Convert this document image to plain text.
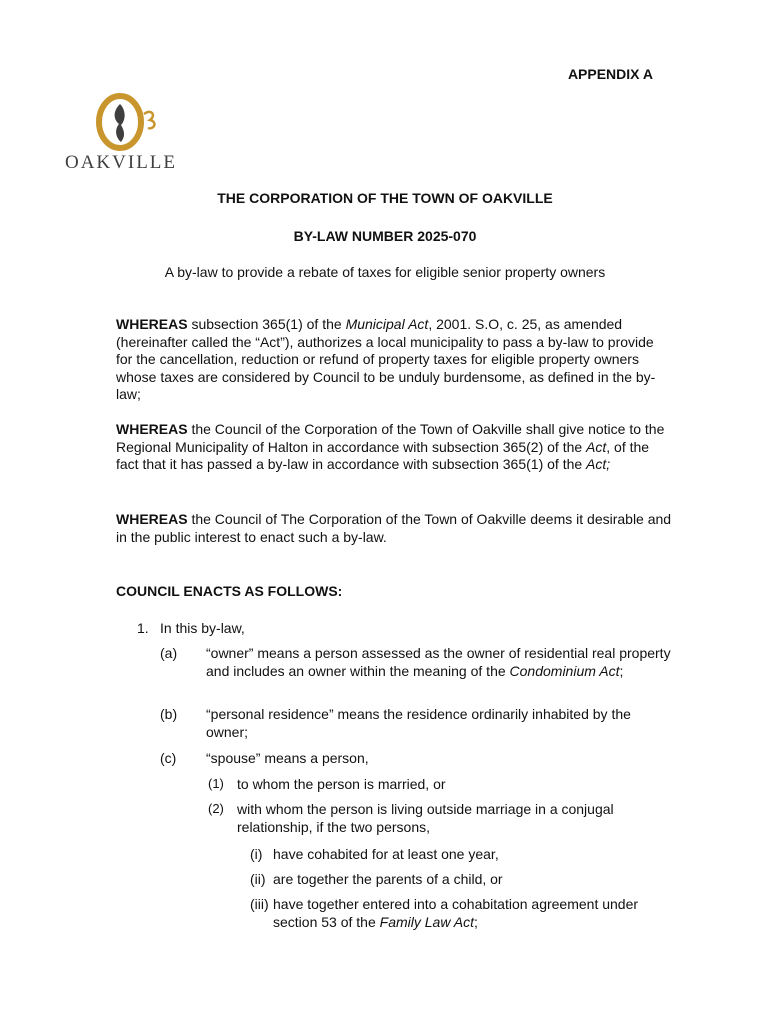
APPENDIX A
OAKVILLE
THE CORPORATION OF THE TOWN OF OAKVILLE
BY-LAW NUMBER 2025-070
A by-law to provide a rebate of taxes for eligible senior property owners
WHEREAS subsection 365(1) of the Municipal Act, 2001. S.O, c. 25, as amended (hereinafter called the “Act”), authorizes a local municipality to pass a by-law to provide for the cancellation, reduction or refund of property taxes for eligible property owners whose taxes are considered by Council to be unduly burdensome, as defined in the by-law;
WHEREAS the Council of the Corporation of the Town of Oakville shall give notice to the Regional Municipality of Halton in accordance with subsection 365(2) of the Act, of the fact that it has passed a by-law in accordance with subsection 365(1) of the Act;
WHEREAS the Council of The Corporation of the Town of Oakville deems it desirable and in the public interest to enact such a by-law.
COUNCIL ENACTS AS FOLLOWS:
1. In this by-law,
(a) “owner” means a person assessed as the owner of residential real property and includes an owner within the meaning of the Condominium Act;
(b) “personal residence” means the residence ordinarily inhabited by the owner;
(c) “spouse” means a person,
(1) to whom the person is married, or
(2) with whom the person is living outside marriage in a conjugal relationship, if the two persons,
(i) have cohabited for at least one year,
(ii) are together the parents of a child, or
(iii) have together entered into a cohabitation agreement under section 53 of the Family Law Act;
